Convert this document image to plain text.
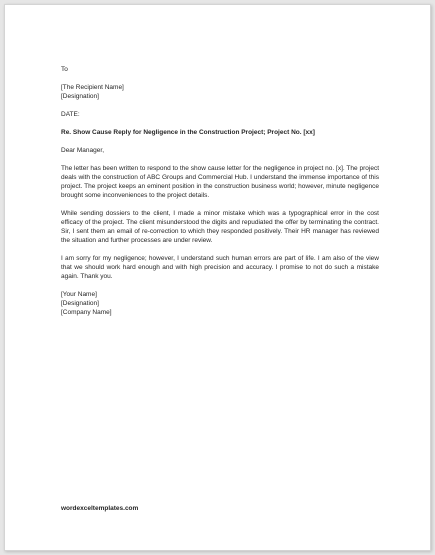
To

[The Recipient Name]

[Designation]

DATE:

Re. Show Cause Reply for Negligence in the Construction Project; Project No. [xx]

Dear Manager,

The letter has been written to respond to the show cause letter for the negligence in project no. [x]. The project deals with the construction of ABC Groups and Commercial Hub. I understand the immense importance of this project. The project keeps an eminent position in the construction business world; however, minute negligence brought some inconveniences to the project details.

While sending dossiers to the client, I made a minor mistake which was a typographical error in the cost efficacy of the project. The client misunderstood the digits and repudiated the offer by terminating the contract. Sir, I sent them an email of re-correction to which they responded positively. Their HR manager has reviewed the situation and further processes are under review.

I am sorry for my negligence; however, I understand such human errors are part of life. I am also of the view that we should work hard enough and with high precision and accuracy. I promise to not do such a mistake again. Thank you.

[Your Name]

[Designation]

[Company Name]

wordexceltemplates.com
